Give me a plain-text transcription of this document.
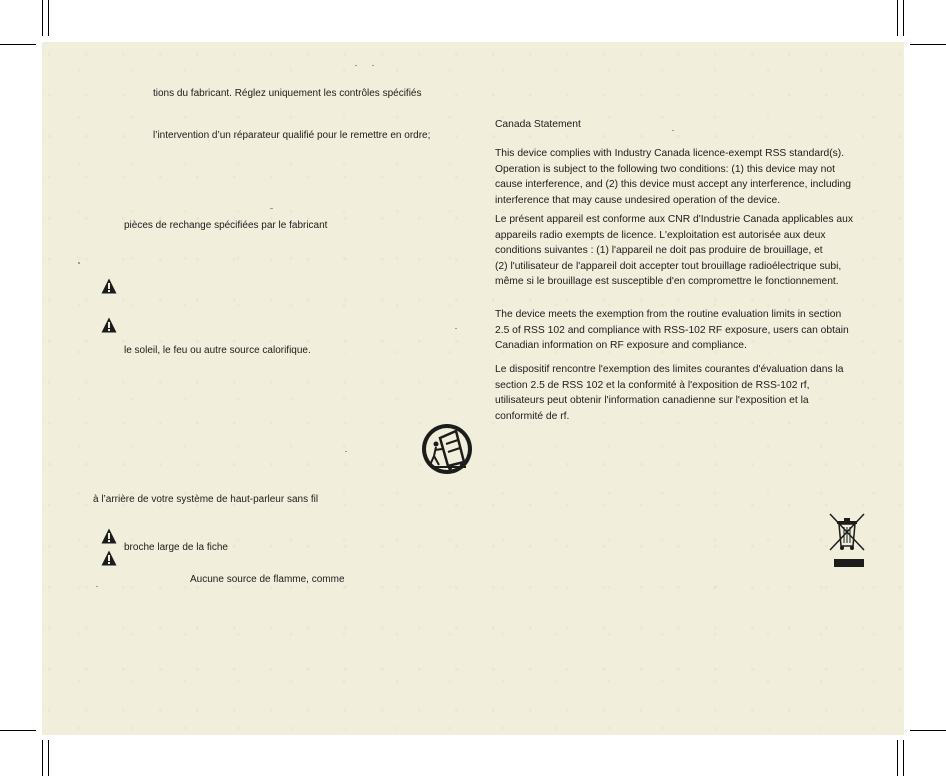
tions du fabricant. Réglez uniquement les contrôles spécifiés
l’intervention d’un réparateur qualifié pour le remettre en ordre;
pièces de rechange spécifiées par le fabricant
le soleil, le feu ou autre source calorifique.
à l’arrière de votre système de haut-parleur sans fil
broche large de la fiche
Aucune source de flamme, comme

Canada Statement

This device complies with Industry Canada licence-exempt RSS standard(s).
Operation is subject to the following two conditions: (1) this device may not
cause interference, and (2) this device must accept any interference, including
interference that may cause undesired operation of the device.

Le présent appareil est conforme aux CNR d'Industrie Canada applicables aux
appareils radio exempts de licence. L'exploitation est autorisée aux deux
conditions suivantes : (1) l'appareil ne doit pas produire de brouillage, et
(2) l'utilisateur de l'appareil doit accepter tout brouillage radioélectrique subi,
même si le brouillage est susceptible d'en compromettre le fonctionnement.

The device meets the exemption from the routine evaluation limits in section
2.5 of RSS 102 and compliance with RSS-102 RF exposure, users can obtain
Canadian information on RF exposure and compliance.

Le dispositif rencontre l'exemption des limites courantes d'évaluation dans la
section 2.5 de RSS 102 et la conformité à l'exposition de RSS-102 rf,
utilisateurs peut obtenir l'information canadienne sur l'exposition et la
conformité de rf.
